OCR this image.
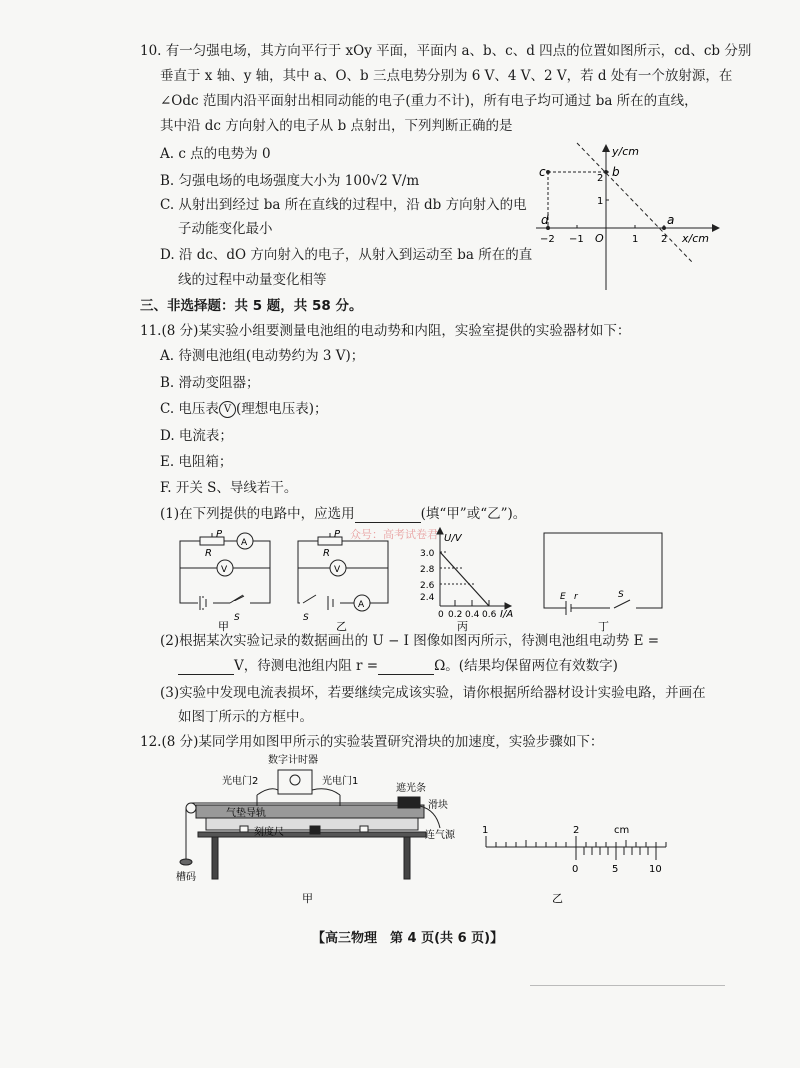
10. 有一匀强电场，其方向平行于 xOy 平面，平面内 a、b、c、d 四点的位置如图所示，cd、cb 分别
垂直于 x 轴、y 轴，其中 a、O、b 三点电势分别为 6 V、4 V、2 V，若 d 处有一个放射源，在
∠Odc 范围内沿平面射出相同动能的电子(重力不计)，所有电子均可通过 ba 所在的直线，
其中沿 dc 方向射入的电子从 b 点射出，下列判断正确的是
A. c 点的电势为 0
B. 匀强电场的电场强度大小为 100√2 V/m
C. 从射出到经过 ba 所在直线的过程中，沿 db 方向射入的电
子动能变化最小
D. 沿 dc、dO 方向射入的电子，从射入到运动至 ba 所在的直
线的过程中动量变化相等
y/cm
x/cm
c	b
d	a
O
2
1
−2 −1	1 2
三、非选择题：共 5 题，共 58 分。
11.(8 分)某实验小组要测量电池组的电动势和内阻，实验室提供的实验器材如下：
A. 待测电池组(电动势约为 3 V)；
B. 滑动变阻器；
C. 电压表 V (理想电压表)；
D. 电流表；
E. 电阻箱；
F. 开关 S、导线若干。
(1)在下列提供的电路中，应选用	(填“甲”或“乙”)。
P
R
A
V
S
P
R
V
A
S
E r	S
甲	乙	丙	丁
众号：高考试卷君 U/V
I/A
3.0
2.8
2.6
2.4
0 0.2 0.4 0.6
(2)根据某次实验记录的数据画出的 U − I 图像如图丙所示，待测电池组电动势 E =
V，待测电池组内阻 r =	Ω。(结果均保留两位有效数字)
(3)实验中发现电流表损坏，若要继续完成该实验，请你根据所给器材设计实验电路，并画在
如图丁所示的方框中。
12.(8 分)某同学用如图甲所示的实验装置研究滑块的加速度，实验步骤如下：
数字计时器
光电门2	光电门1
遮光条
滑块
气垫导轨
刻度尺	连气源
槽码
甲
1	2	cm
0	5	10
乙
【高三物理　第 4 页(共 6 页)】
